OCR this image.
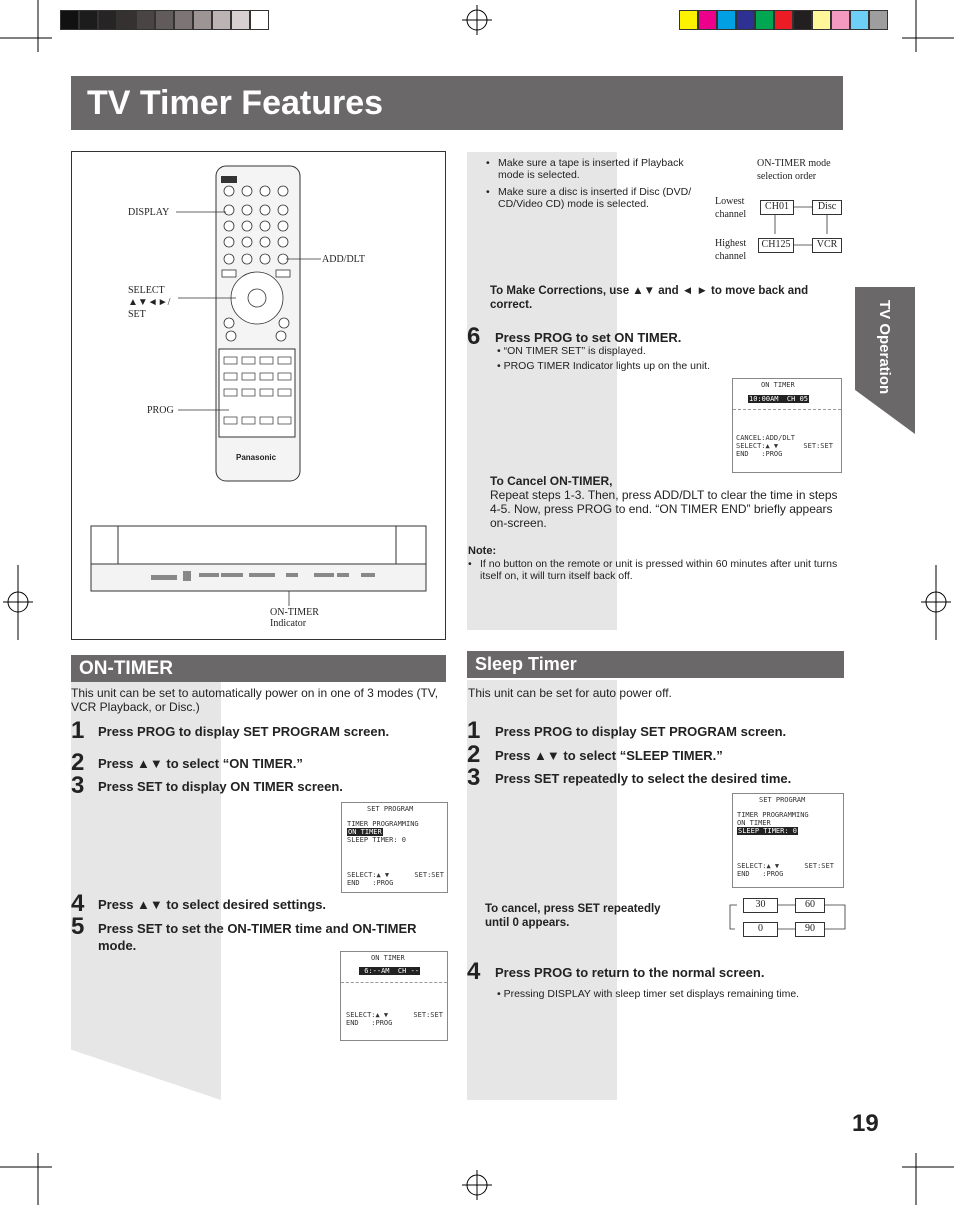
TV Timer Features
TV Operation
DISPLAY
ADD/DLT
SELECT
▲▼◄►/
SET
PROG
ON-TIMER
Indicator
Panasonic
ON-TIMER
This unit can be set to automatically power on in one of 3 modes (TV, VCR Playback, or Disc.)
1 Press PROG to display SET PROGRAM screen.
2 Press ▲▼ to select “ON TIMER.”
3 Press SET to display ON TIMER screen.
SET PROGRAM
TIMER PROGRAMMING
ON TIMER
SLEEP TIMER: 0
SELECT:▲ ▼      SET:SET
END   :PROG
4 Press ▲▼ to select desired settings.
5 Press SET to set the ON-TIMER time and ON-TIMER mode.
ON TIMER
6:--AM  CH --
SELECT:▲ ▼      SET:SET
END   :PROG
• Make sure a tape is inserted if Playback mode is selected.
• Make sure a disc is inserted if Disc (DVD/ CD/Video CD) mode is selected.
ON-TIMER mode selection order
Lowest channel
Highest channel
CH01	Disc
CH125	VCR
To Make Corrections, use ▲▼ and ◄ ► to move back and correct.
6 Press PROG to set ON TIMER.
• “ON TIMER SET” is displayed.
• PROG TIMER Indicator lights up on the unit.
ON TIMER
10:00AM  CH 05
CANCEL:ADD/DLT
SELECT:▲ ▼      SET:SET
END   :PROG
To Cancel ON-TIMER,
Repeat steps 1-3. Then, press ADD/DLT to clear the time in steps 4-5. Now, press PROG to end. “ON TIMER END” briefly appears on-screen.
Note:
• If no button on the remote or unit is pressed within 60 minutes after unit turns itself on, it will turn itself back off.
Sleep Timer
This unit can be set for auto power off.
1 Press PROG to display SET PROGRAM screen.
2 Press ▲▼ to select “SLEEP TIMER.”
3 Press SET repeatedly to select the desired time.
SET PROGRAM
TIMER PROGRAMMING
ON TIMER
SLEEP TIMER: 0
SELECT:▲ ▼      SET:SET
END   :PROG
To cancel, press SET repeatedly until 0 appears.
30	60
90
0
4 Press PROG to return to the normal screen.
• Pressing DISPLAY with sleep timer set displays remaining time.
19
